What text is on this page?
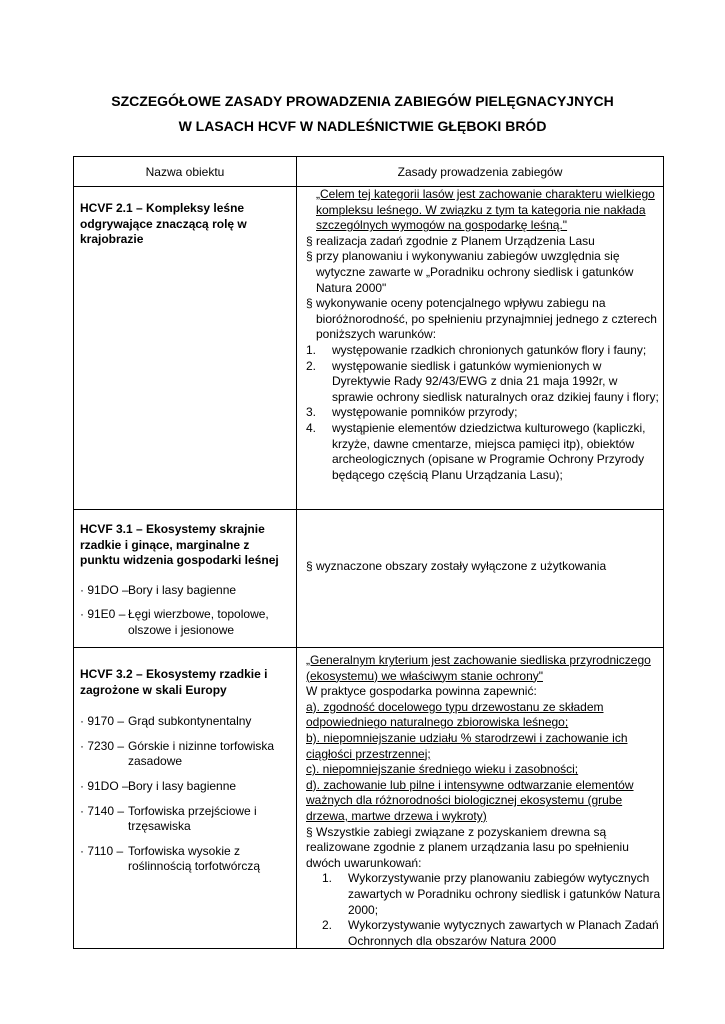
SZCZEGÓŁOWE ZASADY PROWADZENIA ZABIEGÓW PIELĘGNACYJNYCH
W LASACH HCVF W NADLEŚNICTWIE GŁĘBOKI BRÓD
Nazwa obiektu	Zasady prowadzenia zabiegów
HCVF 2.1 – Kompleksy leśne odgrywające znaczącą rolę w krajobrazie
„Celem tej kategorii lasów jest zachowanie charakteru wielkiego kompleksu leśnego. W związku z tym ta kategoria nie nakłada szczególnych wymogów na gospodarkę leśną."
§ realizacja zadań zgodnie z Planem Urządzenia Lasu
§ przy planowaniu i wykonywaniu zabiegów uwzględnia się wytyczne zawarte w „Poradniku ochrony siedlisk i gatunków Natura 2000"
§ wykonywanie oceny potencjalnego wpływu zabiegu na bioróżnorodność, po spełnieniu przynajmniej jednego z czterech poniższych warunków:
1. występowanie rzadkich chronionych gatunków flory i fauny;
2. występowanie siedlisk i gatunków wymienionych w Dyrektywie Rady 92/43/EWG z dnia 21 maja 1992r, w sprawie ochrony siedlisk naturalnych oraz dzikiej fauny i flory;
3. występowanie pomników przyrody;
4. wystąpienie elementów dziedzictwa kulturowego (kapliczki, krzyże, dawne cmentarze, miejsca pamięci itp), obiektów archeologicznych (opisane w Programie Ochrony Przyrody będącego częścią Planu Urządzania Lasu);
HCVF 3.1 – Ekosystemy skrajnie rzadkie i ginące, marginalne z punktu widzenia gospodarki leśnej
· 91DO – Bory i lasy bagienne
· 91E0 – Łęgi wierzbowe, topolowe, olszowe i jesionowe
§ wyznaczone obszary zostały wyłączone z użytkowania
HCVF 3.2 – Ekosystemy rzadkie i zagrożone w skali Europy
· 9170 – Grąd subkontynentalny
· 7230 – Górskie i nizinne torfowiska zasadowe
· 91DO – Bory i lasy bagienne
· 7140 – Torfowiska przejściowe i trzęsawiska
· 7110 – Torfowiska wysokie z roślinnością torfotwórczą
„Generalnym kryterium jest zachowanie siedliska przyrodniczego (ekosystemu) we właściwym stanie ochrony"
W praktyce gospodarka powinna zapewnić:
a). zgodność docelowego typu drzewostanu ze składem odpowiedniego naturalnego zbiorowiska leśnego;
b). niepomniejszanie udziału % starodrzewi i zachowanie ich ciągłości przestrzennej;
c). niepomniejszanie średniego wieku i zasobności;
d). zachowanie lub pilne i intensywne odtwarzanie elementów ważnych dla różnorodności biologicznej ekosystemu (grube drzewa, martwe drzewa i wykroty)
§ Wszystkie zabiegi związane z pozyskaniem drewna są realizowane zgodnie z planem urządzania lasu po spełnieniu dwóch uwarunkowań:
1. Wykorzystywanie przy planowaniu zabiegów wytycznych zawartych w Poradniku ochrony siedlisk i gatunków Natura 2000;
2. Wykorzystywanie wytycznych zawartych w Planach Zadań Ochronnych dla obszarów Natura 2000
